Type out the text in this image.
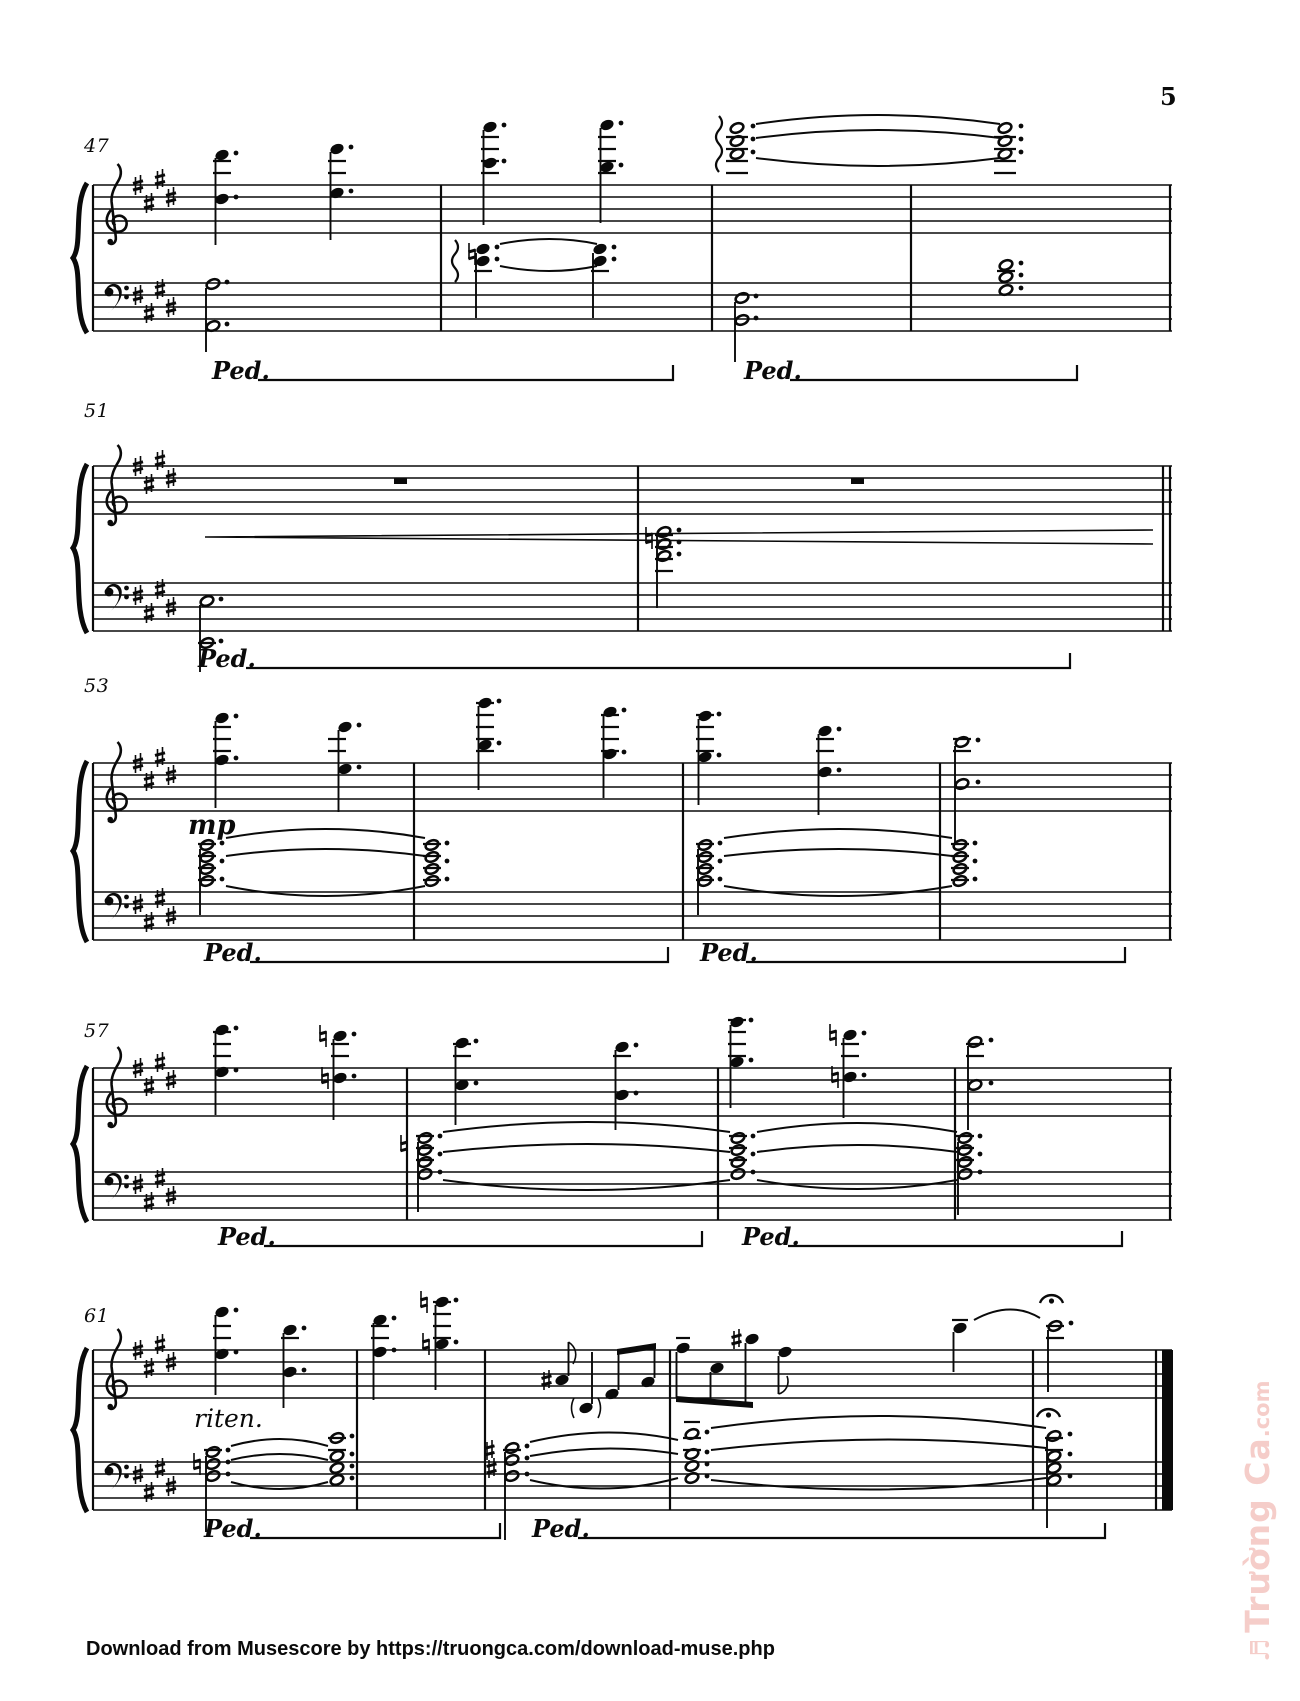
5
47
51
53
57
61
mp
riten.
Ped.	Ped.
Ped.
Ped.	Ped.
Ped.	Ped.
Ped.	Ped.
Download from Musescore by https://truongca.com/download-muse.php	♬Trường Ca.com
